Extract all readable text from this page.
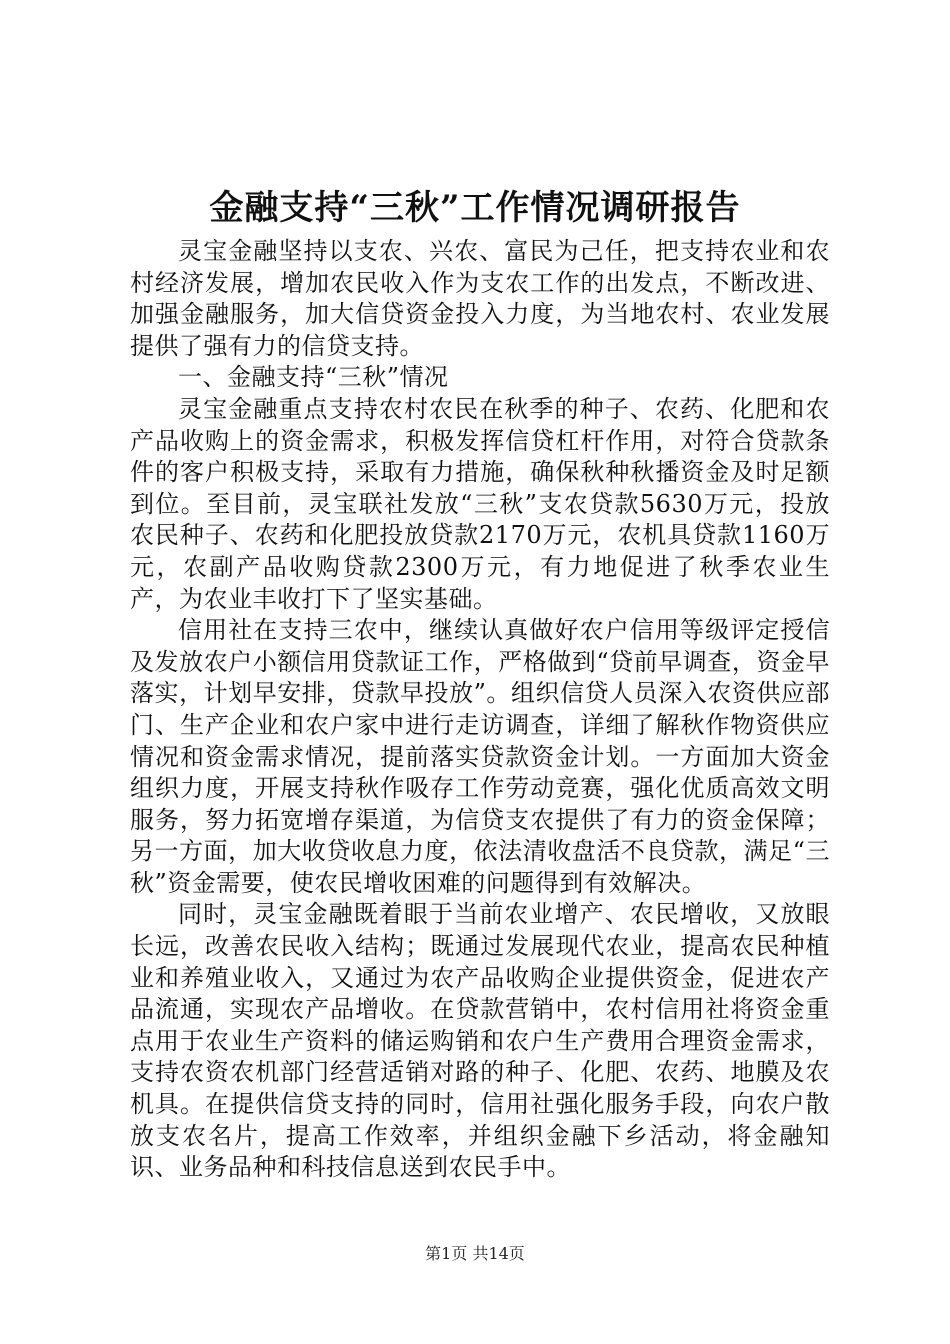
金融支持“三秋”工作情况调研报告

灵宝金融坚持以支农、兴农、富民为己任，把支持农业和农村经济发展，增加农民收入作为支农工作的出发点，不断改进、加强金融服务，加大信贷资金投入力度，为当地农村、农业发展提供了强有力的信贷支持。

一、金融支持“三秋”情况

灵宝金融重点支持农村农民在秋季的种子、农药、化肥和农产品收购上的资金需求，积极发挥信贷杠杆作用，对符合贷款条件的客户积极支持，采取有力措施，确保秋种秋播资金及时足额到位。至目前，灵宝联社发放“三秋”支农贷款5630万元，投放农民种子、农药和化肥投放贷款2170万元，农机具贷款1160万元，农副产品收购贷款2300万元，有力地促进了秋季农业生产，为农业丰收打下了坚实基础。

信用社在支持三农中，继续认真做好农户信用等级评定授信及发放农户小额信用贷款证工作，严格做到“贷前早调查，资金早落实，计划早安排，贷款早投放”。组织信贷人员深入农资供应部门、生产企业和农户家中进行走访调查，详细了解秋作物资供应情况和资金需求情况，提前落实贷款资金计划。一方面加大资金组织力度，开展支持秋作吸存工作劳动竞赛，强化优质高效文明服务，努力拓宽增存渠道，为信贷支农提供了有力的资金保障；另一方面，加大收贷收息力度，依法清收盘活不良贷款，满足“三秋”资金需要，使农民增收困难的问题得到有效解决。

同时，灵宝金融既着眼于当前农业增产、农民增收，又放眼长远，改善农民收入结构；既通过发展现代农业，提高农民种植业和养殖业收入，又通过为农产品收购企业提供资金，促进农产品流通，实现农产品增收。在贷款营销中，农村信用社将资金重点用于农业生产资料的储运购销和农户生产费用合理资金需求，支持农资农机部门经营适销对路的种子、化肥、农药、地膜及农机具。在提供信贷支持的同时，信用社强化服务手段，向农户散放支农名片，提高工作效率，并组织金融下乡活动，将金融知识、业务品种和科技信息送到农民手中。

第1页 共14页
